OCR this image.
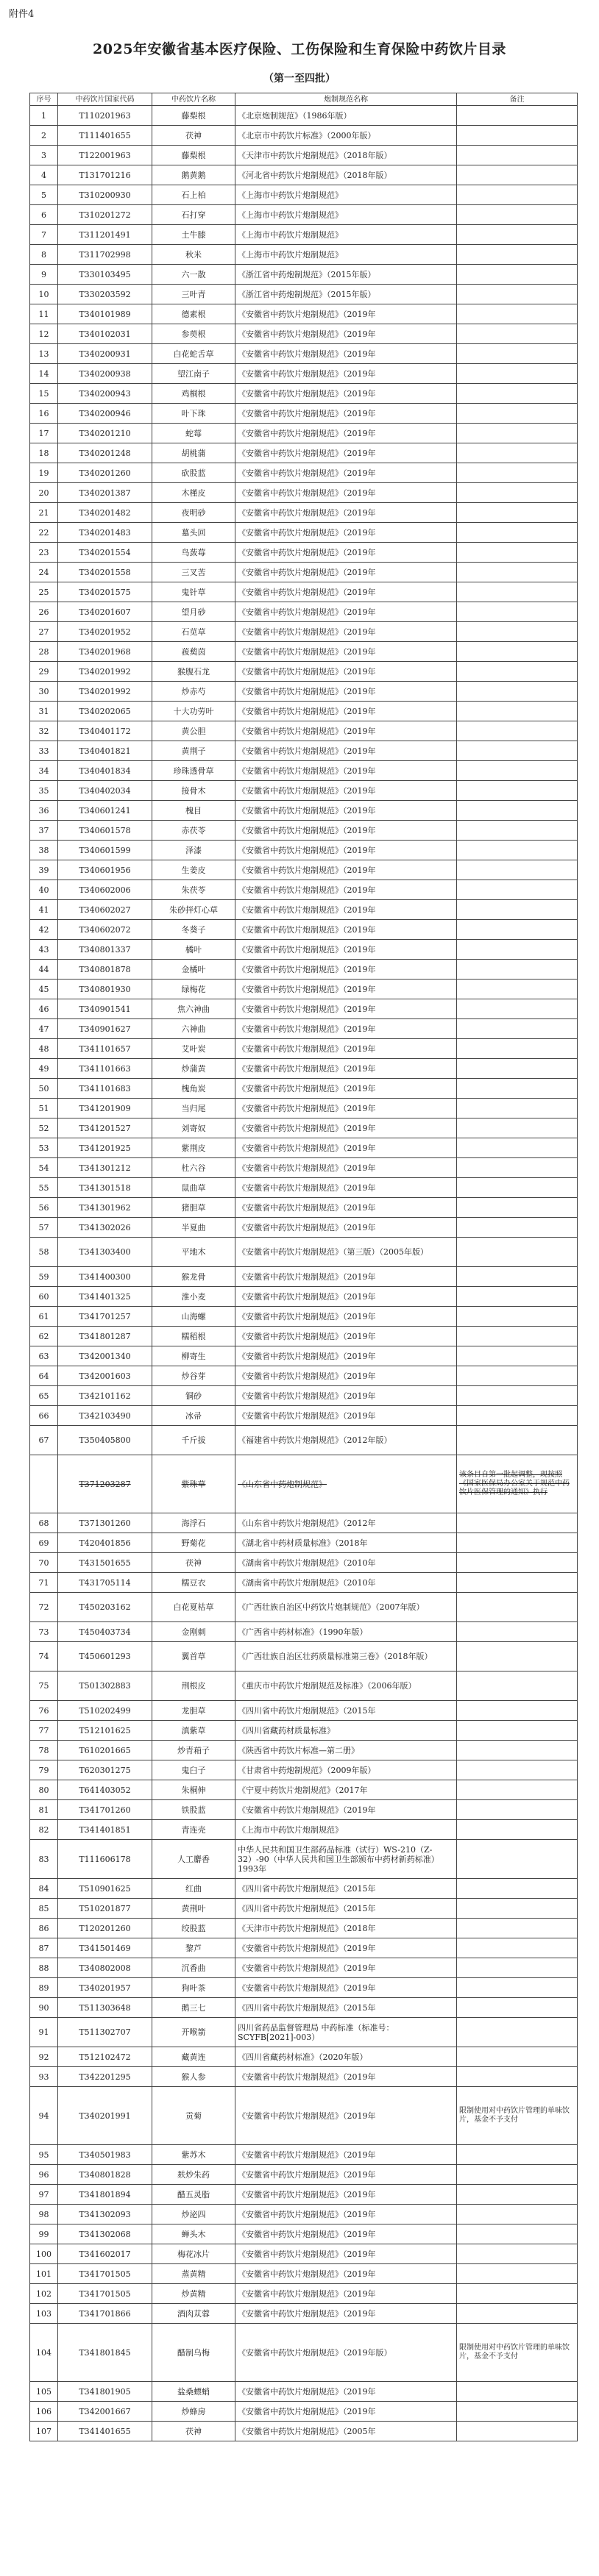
附件4
2025年安徽省基本医疗保险、工伤保险和生育保险中药饮片目录
（第一至四批）
序号	中药饮片国家代码	中药饮片名称	炮制规范名称	备注
1	T110201963	藤梨根	《北京炮制规范》（1986年版）	
2	T111401655	茯神	《北京市中药饮片标准》（2000年版）	
3	T122001963	藤梨根	《天津市中药饮片炮制规范》（2018年版）	
4	T131701216	鹅黄鹅	《河北省中药饮片炮制规范》（2018年版）	
5	T310200930	石上柏	《上海市中药饮片炮制规范》	
6	T310201272	石打穿	《上海市中药饮片炮制规范》	
7	T311201491	土牛膝	《上海市中药饮片炮制规范》	
8	T311702998	秋米	《上海市中药饮片炮制规范》	
9	T330103495	六一散	《浙江省中药炮制规范》（2015年版）	
10	T330203592	三叶青	《浙江省中药炮制规范》（2015年版）	
11	T340101989	德素根	《安徽省中药饮片炮制规范》（2019年	
12	T340102031	参萸根	《安徽省中药饮片炮制规范》（2019年	
13	T340200931	白花蛇舌草	《安徽省中药饮片炮制规范》（2019年	
14	T340200938	望江南子	《安徽省中药饮片炮制规范》（2019年	
15	T340200943	鸡桐根	《安徽省中药饮片炮制规范》（2019年	
16	T340200946	叶下珠	《安徽省中药饮片炮制规范》（2019年	
17	T340201210	蛇莓	《安徽省中药饮片炮制规范》（2019年	
18	T340201248	胡桃蒲	《安徽省中药饮片炮制规范》（2019年	
19	T340201260	砍股蓝	《安徽省中药饮片炮制规范》（2019年	
20	T340201387	木槿皮	《安徽省中药饮片炮制规范》（2019年	
21	T340201482	夜明砂	《安徽省中药饮片炮制规范》（2019年	
22	T340201483	墓头回	《安徽省中药饮片炮制规范》（2019年	
23	T340201554	鸟蔹莓	《安徽省中药饮片炮制规范》（2019年	
24	T340201558	三叉苦	《安徽省中药饮片炮制规范》（2019年	
25	T340201575	鬼针草	《安徽省中药饮片炮制规范》（2019年	
26	T340201607	望月砂	《安徽省中药饮片炮制规范》（2019年	
27	T340201952	石苋草	《安徽省中药饮片炮制规范》（2019年	
28	T340201968	菝葜茵	《安徽省中药饮片炮制规范》（2019年	
29	T340201992	猴腹石龙	《安徽省中药饮片炮制规范》（2019年	
30	T340201992	炒赤芍	《安徽省中药饮片炮制规范》（2019年	
31	T340202065	十大功劳叶	《安徽省中药饮片炮制规范》（2019年	
32	T340401172	黄公胆	《安徽省中药饮片炮制规范》（2019年	
33	T340401821	黄荆子	《安徽省中药饮片炮制规范》（2019年	
34	T340401834	珍珠透骨草	《安徽省中药饮片炮制规范》（2019年	
35	T340402034	接骨木	《安徽省中药饮片炮制规范》（2019年	
36	T340601241	槐目	《安徽省中药饮片炮制规范》（2019年	
37	T340601578	赤茯苓	《安徽省中药饮片炮制规范》（2019年	
38	T340601599	泽漆	《安徽省中药饮片炮制规范》（2019年	
39	T340601956	生姜皮	《安徽省中药饮片炮制规范》（2019年	
40	T340602006	朱茯苓	《安徽省中药饮片炮制规范》（2019年	
41	T340602027	朱砂拌灯心草	《安徽省中药饮片炮制规范》（2019年	
42	T340602072	冬葵子	《安徽省中药饮片炮制规范》（2019年	
43	T340801337	橘叶	《安徽省中药饮片炮制规范》（2019年	
44	T340801878	金橘叶	《安徽省中药饮片炮制规范》（2019年	
45	T340801930	绿梅花	《安徽省中药饮片炮制规范》（2019年	
46	T340901541	焦六神曲	《安徽省中药饮片炮制规范》（2019年	
47	T340901627	六神曲	《安徽省中药饮片炮制规范》（2019年	
48	T341101657	艾叶炭	《安徽省中药饮片炮制规范》（2019年	
49	T341101663	炒蒲黄	《安徽省中药饮片炮制规范》（2019年	
50	T341101683	槐角炭	《安徽省中药饮片炮制规范》（2019年	
51	T341201909	当归尾	《安徽省中药饮片炮制规范》（2019年	
52	T341201527	刘寄奴	《安徽省中药饮片炮制规范》（2019年	
53	T341201925	紫荆皮	《安徽省中药饮片炮制规范》（2019年	
54	T341301212	杜六谷	《安徽省中药饮片炮制规范》（2019年	
55	T341301518	鼠曲草	《安徽省中药饮片炮制规范》（2019年	
56	T341301962	猪胆草	《安徽省中药饮片炮制规范》（2019年	
57	T341302026	半夏曲	《安徽省中药饮片炮制规范》（2019年	
58	T341303400	平地木	《安徽省中药饮片炮制规范》（第三版）（2005年版）	
59	T341400300	猴龙骨	《安徽省中药饮片炮制规范》（2019年	
60	T341401325	淮小麦	《安徽省中药饮片炮制规范》（2019年	
61	T341701257	山海螺	《安徽省中药饮片炮制规范》（2019年	
62	T341801287	糯稻根	《安徽省中药饮片炮制规范》（2019年	
63	T342001340	柳寄生	《安徽省中药饮片炮制规范》（2019年	
64	T342001603	炒谷芽	《安徽省中药饮片炮制规范》（2019年	
65	T342101162	铜砂	《安徽省中药饮片炮制规范》（2019年	
66	T342103490	冰帚	《安徽省中药饮片炮制规范》（2019年	
67	T350405800	千斤拔	《福建省中药饮片炮制规范》（2012年版）	
	T371203287	紫珠草	《山东省中药炮制规范》	该条目自第一批起调整，现按照《国家医保局办公室关于规范中药饮片医保管理的通知》执行
68	T371301260	海浮石	《山东省中药饮片炮制规范》（2012年	
69	T420401856	野菊花	《湖北省中药材质量标准》（2018年	
70	T431501655	茯神	《湖南省中药饮片炮制规范》（2010年	
71	T431705114	糯豆衣	《湖南省中药饮片炮制规范》（2010年	
72	T450203162	白花夏枯草	《广西壮族自治区中药饮片炮制规范》（2007年版）	
73	T450403734	金刚刺	《广西省中药材标准》（1990年版）	
74	T450601293	翼首草	《广西壮族自治区壮药质量标准第三卷》（2018年版）	
75	T501302883	荆根皮	《重庆市中药饮片炮制规范及标准》（2006年版）	
76	T510202499	龙胆草	《四川省中药饮片炮制规范》（2015年	
77	T512101625	滇紫草	《四川省藏药材质量标准》	
78	T610201665	炒青葙子	《陕西省中药饮片标准—第二册》	
79	T620301275	鬼臼子	《甘肃省中药炮制规范》（2009年版）	
80	T641403052	朱桐伸	《宁夏中药饮片炮制规范》（2017年	
81	T341701260	铁股蓝	《安徽省中药饮片炮制规范》（2019年	
82	T341401851	青连壳	《上海市中药饮片炮制规范》	
83	T111606178	人工麝香	中华人民共和国卫生部药品标准（试行）WS-210（Z-32）-90（中华人民共和国卫生部颁布中药材新药标准）1993年	
84	T510901625	红曲	《四川省中药饮片炮制规范》（2015年	
85	T510201877	黄荆叶	《四川省中药饮片炮制规范》（2015年	
86	T120201260	绞股蓝	《天津市中药饮片炮制规范》（2018年	
87	T341501469	黎芦	《安徽省中药饮片炮制规范》（2019年	
88	T340802008	沉香曲	《安徽省中药饮片炮制规范》（2019年	
89	T340201957	狗叶茶	《安徽省中药饮片炮制规范》（2019年	
90	T511303648	鹅三七	《四川省中药饮片炮制规范》（2015年	
91	T511302707	开喉箭	四川省药品监督管理局 中药标准（标准号：SCYFB[2021]-003）	
92	T512102472	藏黄连	《四川省藏药材标准》（2020年版）	
93	T342201295	猴人参	《安徽省中药饮片炮制规范》（2019年	
94	T340201991	贡菊	《安徽省中药饮片炮制规范》（2019年	限制使用对中药饮片管理的单味饮片，基金不予支付
95	T340501983	紫苏木	《安徽省中药饮片炮制规范》（2019年	
96	T340801828	麸炒朱药	《安徽省中药饮片炮制规范》（2019年	
97	T341801894	醋五灵脂	《安徽省中药饮片炮制规范》（2019年	
98	T341302093	炒泌四	《安徽省中药饮片炮制规范》（2019年	
99	T341302068	蝉头木	《安徽省中药饮片炮制规范》（2019年	
100	T341602017	梅花冰片	《安徽省中药饮片炮制规范》（2019年	
101	T341701505	蒸黄精	《安徽省中药饮片炮制规范》（2019年	
102	T341701505	炒黄精	《安徽省中药饮片炮制规范》（2019年	
103	T341701866	酒肉苁蓉	《安徽省中药饮片炮制规范》（2019年	
104	T341801845	醋制乌梅	《安徽省中药饮片炮制规范》（2019年版）	限制使用对中药饮片管理的单味饮片，基金不予支付
105	T341801905	盐桑螵蛸	《安徽省中药饮片炮制规范》（2019年	
106	T342001667	炒蜂房	《安徽省中药饮片炮制规范》（2019年	
107	T341401655	茯神	《安徽省中药饮片炮制规范》（2005年	
